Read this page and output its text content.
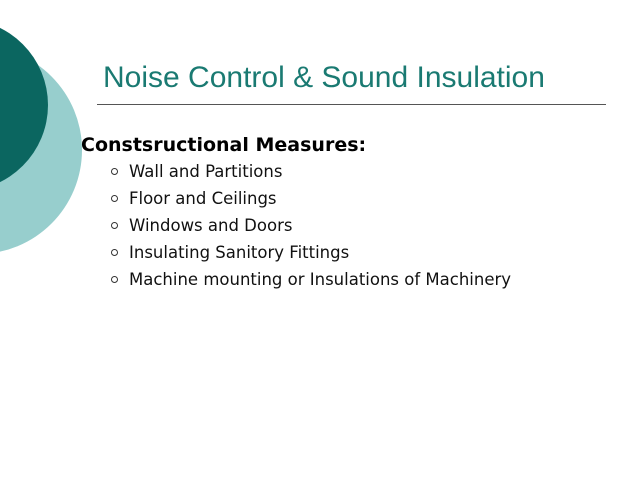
Noise Control & Sound Insulation
Constsructional Measures:
Wall and Partitions
Floor and Ceilings
Windows and Doors
Insulating Sanitory Fittings
Machine mounting or Insulations of Machinery
